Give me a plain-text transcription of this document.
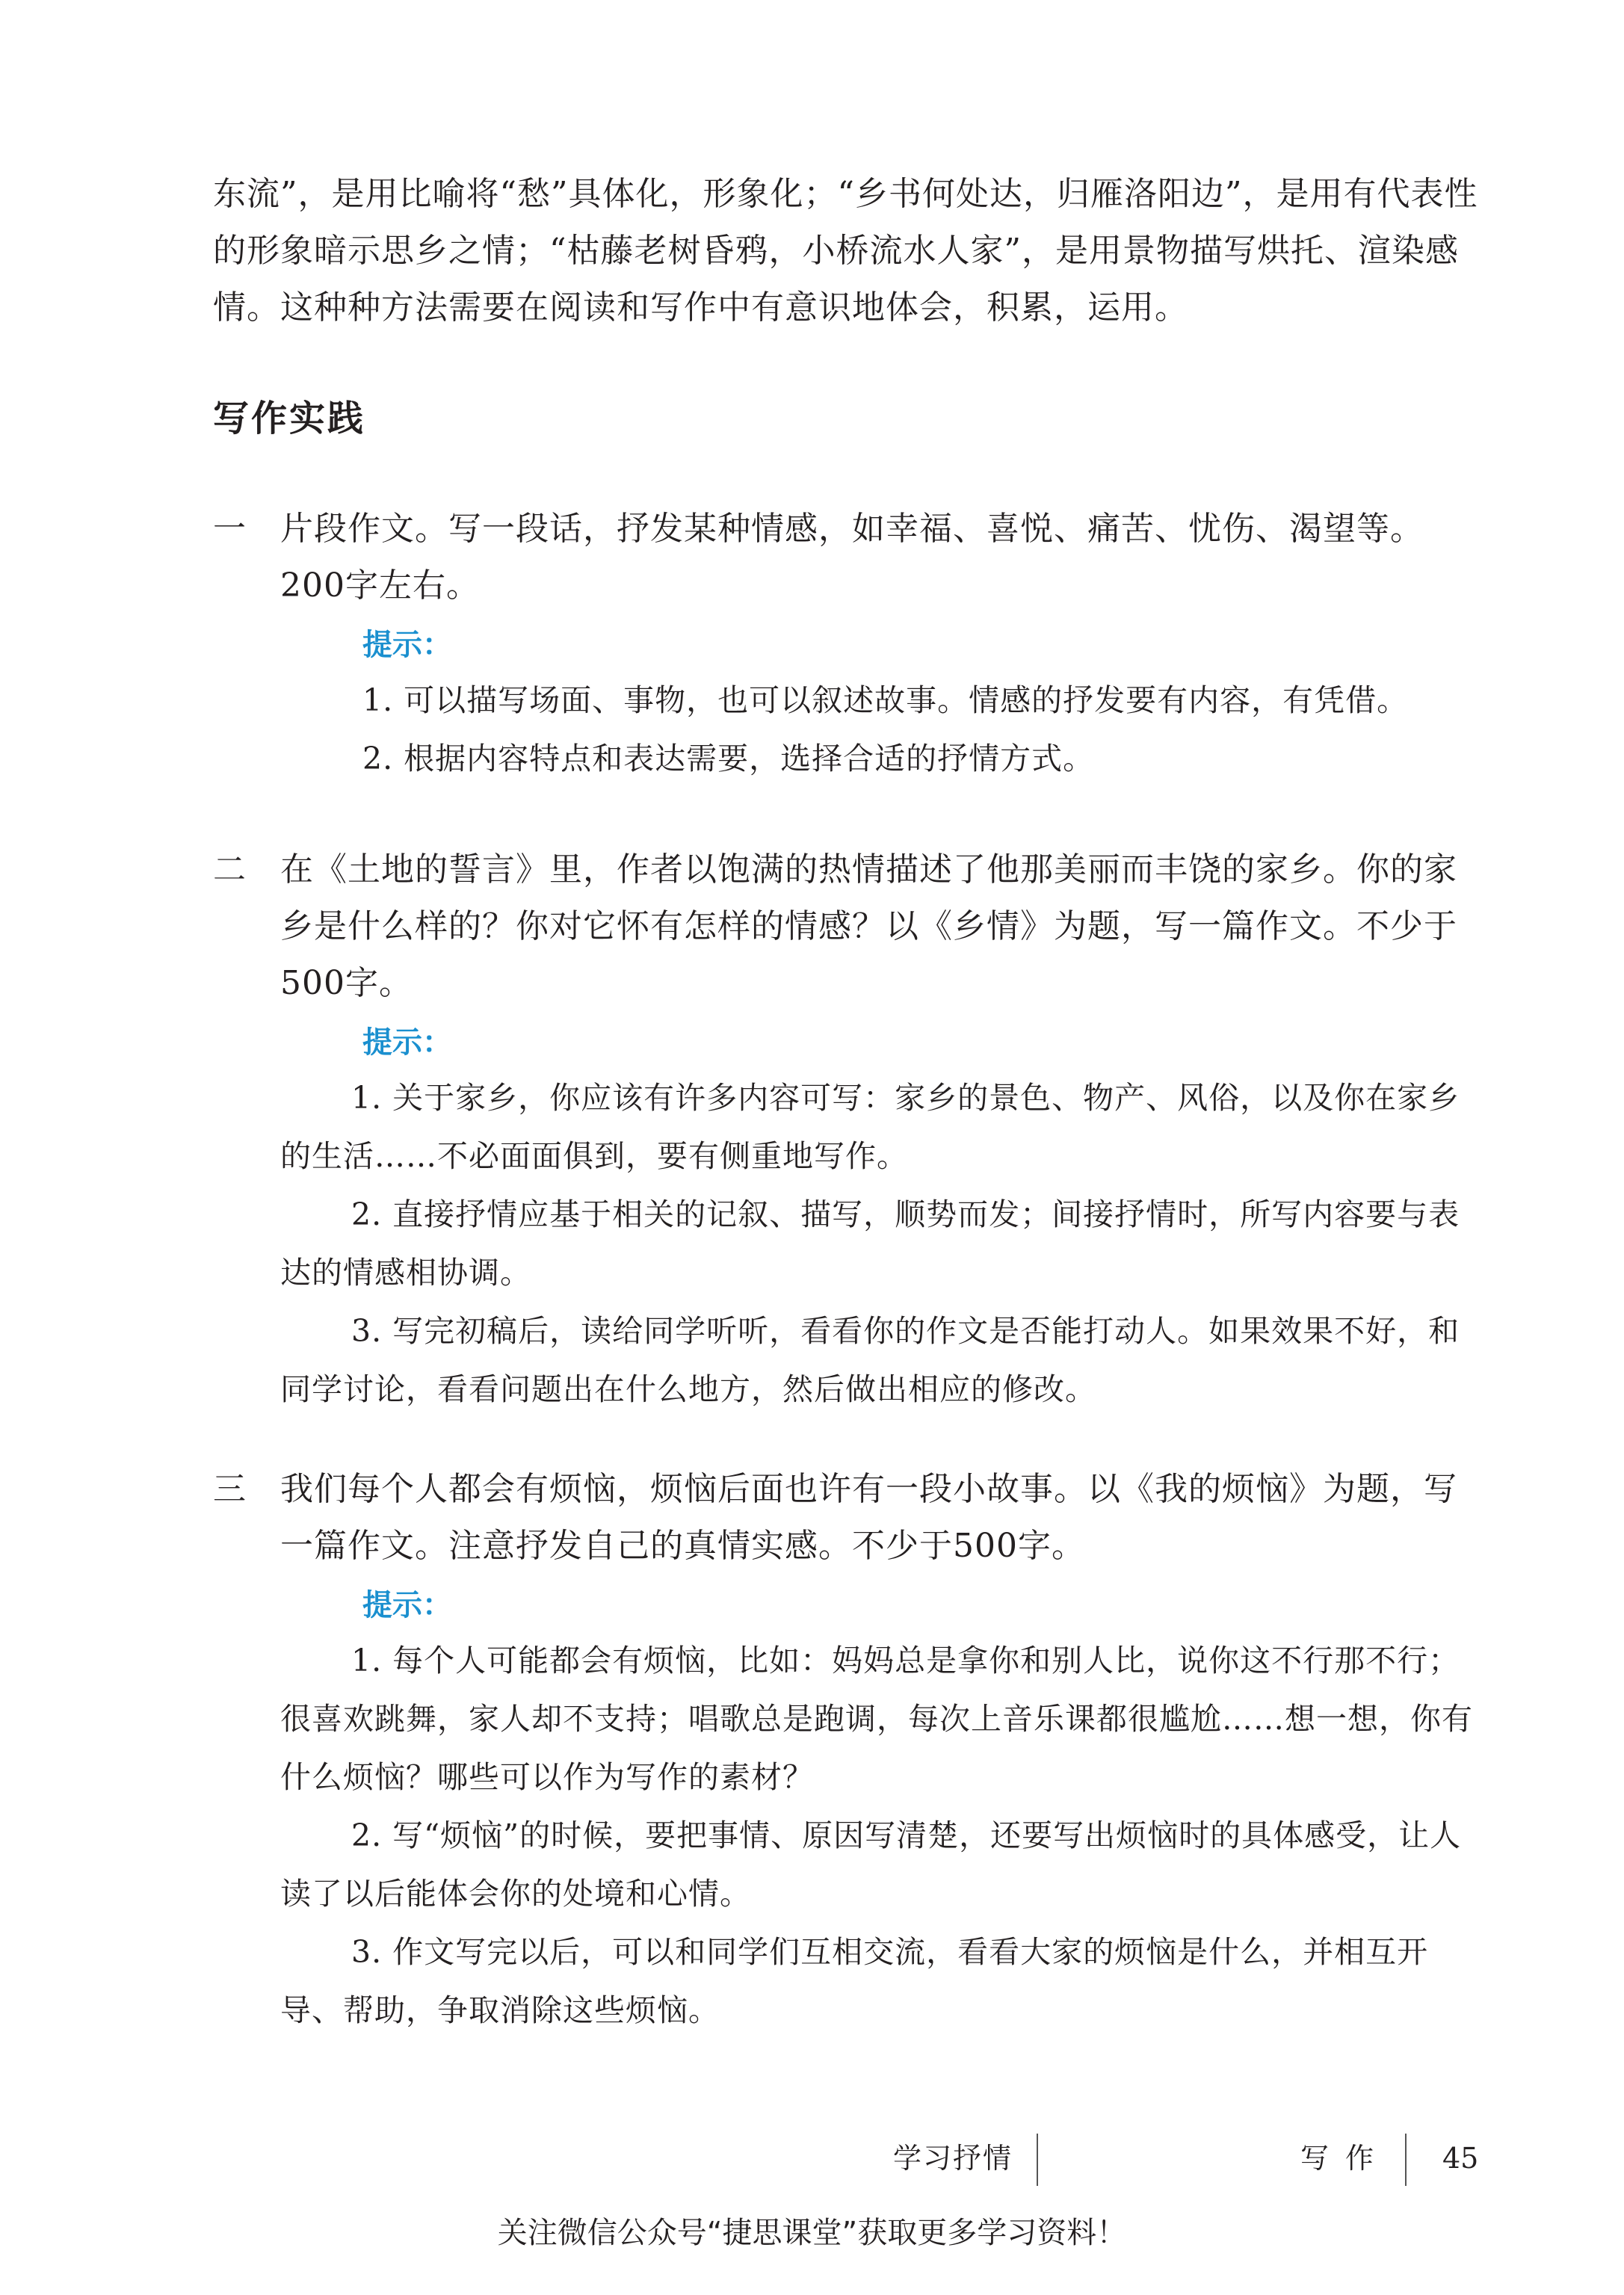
东流”，是用比喻将“愁”具体化，形象化；“乡书何处达，归雁洛阳边”，是用有代表性的形象暗示思乡之情；“枯藤老树昏鸦，小桥流水人家”，是用景物描写烘托、渲染感情。这种种方法需要在阅读和写作中有意识地体会，积累，运用。

写作实践
一	片段作文。写一段话，抒发某种情感，如幸福、喜悦、痛苦、忧伤、渴望等。200字左右。

提示：

1. 可以描写场面、事物，也可以叙述故事。情感的抒发要有内容，有凭借。

2. 根据内容特点和表达需要，选择合适的抒情方式。

二	在《土地的誓言》里，作者以饱满的热情描述了他那美丽而丰饶的家乡。你的家乡是什么样的？你对它怀有怎样的情感？以《乡情》为题，写一篇作文。不少于500字。

提示：

1. 关于家乡，你应该有许多内容可写：家乡的景色、物产、风俗，以及你在家乡的生活……不必面面俱到，要有侧重地写作。

2. 直接抒情应基于相关的记叙、描写，顺势而发；间接抒情时，所写内容要与表达的情感相协调。

3. 写完初稿后，读给同学听听，看看你的作文是否能打动人。如果效果不好，和同学讨论，看看问题出在什么地方，然后做出相应的修改。

三	我们每个人都会有烦恼，烦恼后面也许有一段小故事。以《我的烦恼》为题，写一篇作文。注意抒发自己的真情实感。不少于500字。

提示：

1. 每个人可能都会有烦恼，比如：妈妈总是拿你和别人比，说你这不行那不行；很喜欢跳舞，家人却不支持；唱歌总是跑调，每次上音乐课都很尴尬……想一想，你有什么烦恼？哪些可以作为写作的素材？

2. 写“烦恼”的时候，要把事情、原因写清楚，还要写出烦恼时的具体感受，让人读了以后能体会你的处境和心情。

3. 作文写完以后，可以和同学们互相交流，看看大家的烦恼是什么，并相互开导、帮助，争取消除这些烦恼。

学习抒情	写作 45
关注微信公众号“捷思课堂”获取更多学习资料！
